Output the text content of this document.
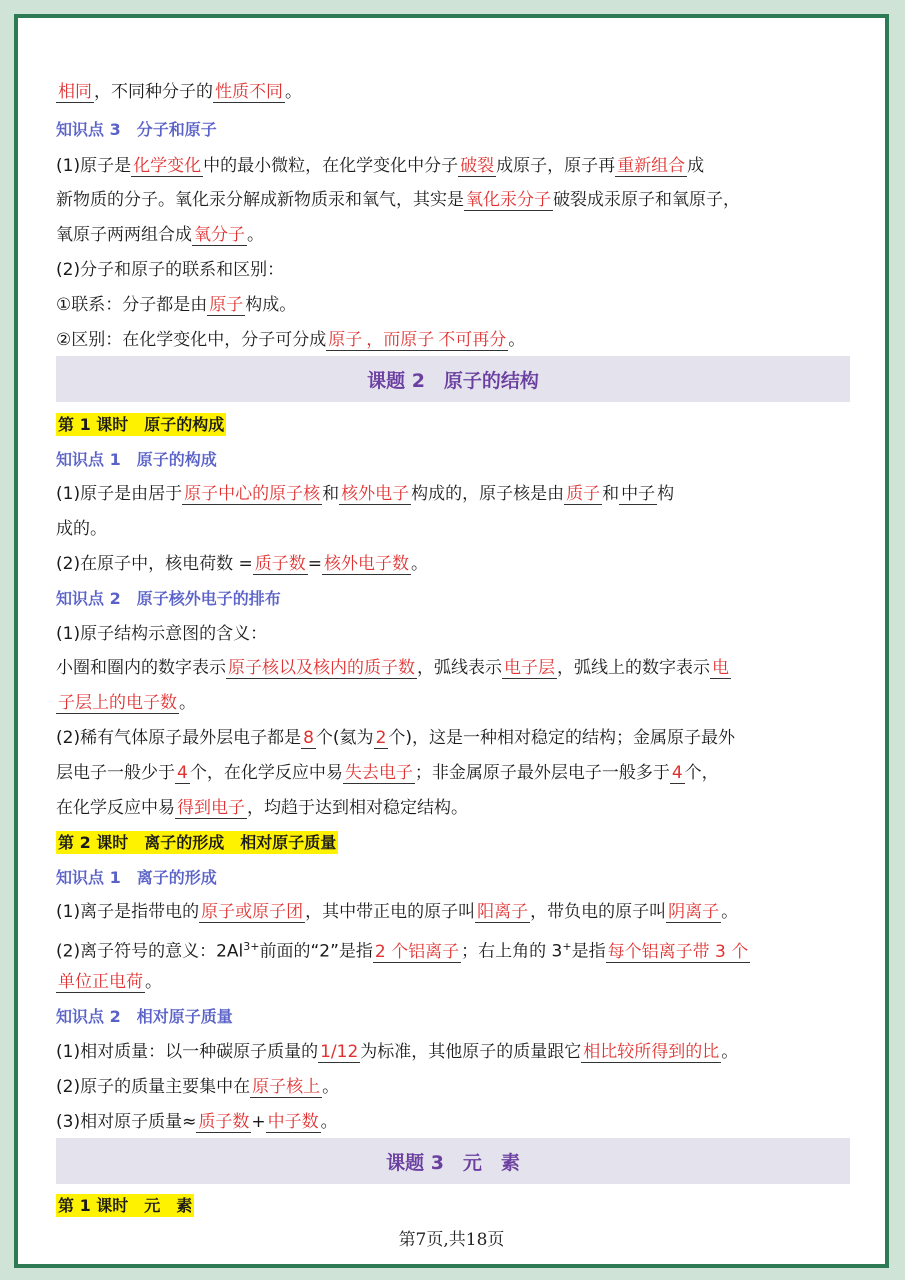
相同 ，不同种分子的 性质不同 。
知识点 3　分子和原子
(1)原子是 化学变化 中的最小微粒，在化学变化中分子 破裂 成原子，原子再 重新组合 成
新物质的分子。氧化汞分解成新物质汞和氧气，其实是 氧化汞分子 破裂成汞原子和氧原子，
氧原子两两组合成 氧分子 。
(2)分子和原子的联系和区别：
①联系：分子都是由 原子 构成。
②区别：在化学变化中，分子可分成 原子 ，而原子 不可再分 。
课题 2　原子的结构
第 1 课时　原子的构成
知识点 1　原子的构成
(1)原子是由居于 原子中心的原子核 和 核外电子 构成的，原子核是由 质子 和 中子 构
成的。
(2)在原子中，核电荷数 = 质子数 = 核外电子数 。
知识点 2　原子核外电子的排布
(1)原子结构示意图的含义：
小圈和圈内的数字表示 原子核以及核内的质子数 ，弧线表示 电子层 ，弧线上的数字表示 电
子层上的电子数 。
(2)稀有气体原子最外层电子都是 8 个(氦为 2 个)，这是一种相对稳定的结构；金属原子最外
层电子一般少于 4 个，在化学反应中易 失去电子 ；非金属原子最外层电子一般多于 4 个，
在化学反应中易 得到电子 ，均趋于达到相对稳定结构。
第 2 课时　离子的形成　相对原子质量
知识点 1　离子的形成
(1)离子是指带电的 原子或原子团 ，其中带正电的原子叫 阳离子 ，带负电的原子叫 阴离子 。
(2)离子符号的意义：$2Al^{3+}$前面的“2”是指 2 个铝离子 ；右上角的 3+是指 每个铝离子带 3 个
单位正电荷 。
知识点 2　相对原子质量
(1)相对质量：以一种碳原子质量的 1/12 为标准，其他原子的质量跟它 相比较所得到的比 。
(2)原子的质量主要集中在 原子核上 。
(3)相对原子质量≈ 质子数 + 中子数 。
课题 3　元　素
第 1 课时　元　素
第7页,共18页
